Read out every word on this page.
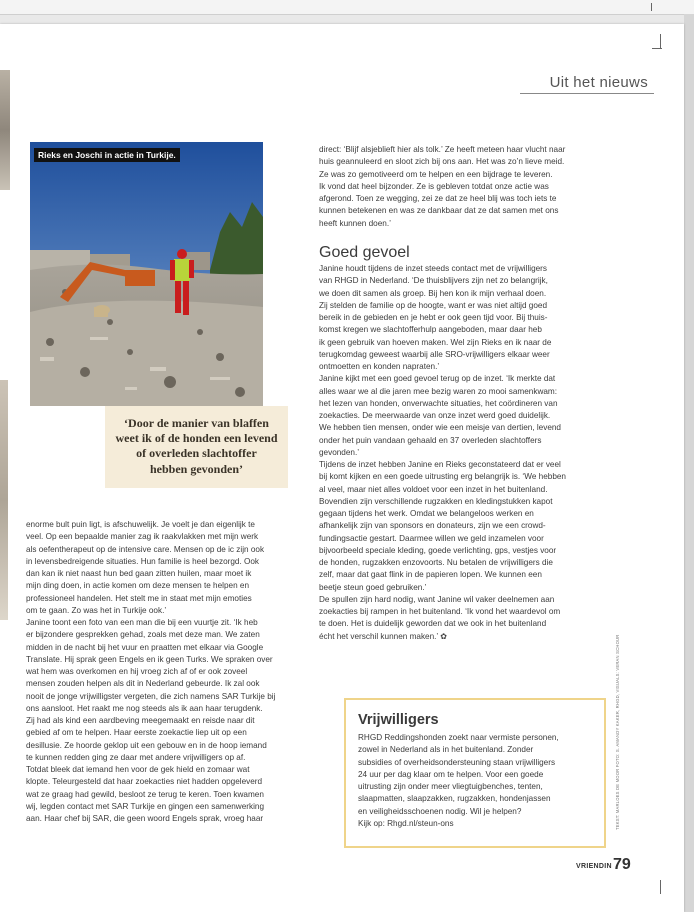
Uit het nieuws
Rieks en Joschi in actie in Turkije.
‘Door de manier van blaffen
weet ik of de honden een levend
of overleden slachtoffer
hebben gevonden’
direct: ‘Blijf alsjeblieft hier als tolk.’ Ze heeft meteen haar vlucht naar
huis geannuleerd en sloot zich bij ons aan. Het was zo’n lieve meid.
Ze was zo gemotiveerd om te helpen en een bijdrage te leveren.
Ik vond dat heel bijzonder. Ze is gebleven totdat onze actie was
afgerond. Toen ze wegging, zei ze dat ze heel blij was toch iets te
kunnen betekenen en was ze dankbaar dat ze dat samen met ons
heeft kunnen doen.’
Goed gevoel
Janine houdt tijdens de inzet steeds contact met de vrijwilligers
van RHGD in Nederland. ‘De thuisblijvers zijn net zo belangrijk,
we doen dit samen als groep. Bij hen kon ik mijn verhaal doen.
Zij stelden de familie op de hoogte, want er was niet altijd goed
bereik in de gebieden en je hebt er ook geen tijd voor. Bij thuis-
komst kregen we slachtofferhulp aangeboden, maar daar heb
ik geen gebruik van hoeven maken. Wel zijn Rieks en ik naar de
terugkomdag geweest waarbij alle SRO-vrijwilligers elkaar weer
ontmoetten en konden napraten.’
Janine kijkt met een goed gevoel terug op de inzet. ‘Ik merkte dat
alles waar we al die jaren mee bezig waren zo mooi samenkwam:
het lezen van honden, onverwachte situaties, het coördineren van
zoekacties. De meerwaarde van onze inzet werd goed duidelijk.
We hebben tien mensen, onder wie een meisje van dertien, levend
onder het puin vandaan gehaald en 37 overleden slachtoffers
gevonden.’
Tijdens de inzet hebben Janine en Rieks geconstateerd dat er veel
bij komt kijken en een goede uitrusting erg belangrijk is. ‘We hebben
al veel, maar niet alles voldoet voor een inzet in het buitenland.
Bovendien zijn verschillende rugzakken en kledingstukken kapot
gegaan tijdens het werk. Omdat we belangeloos werken en
afhankelijk zijn van sponsors en donateurs, zijn we een crowd-
fundingsactie gestart. Daarmee willen we geld inzamelen voor
bijvoorbeeld speciale kleding, goede verlichting, gps, vestjes voor
de honden, rugzakken enzovoorts. Nu betalen de vrijwilligers die
zelf, maar dat gaat flink in de papieren lopen. We kunnen een
beetje steun goed gebruiken.’
De spullen zijn hard nodig, want Janine wil vaker deelnemen aan
zoekacties bij rampen in het buitenland. ‘Ik vond het waardevol om
te doen. Het is duidelijk geworden dat we ook in het buitenland
écht het verschil kunnen maken.’ ✿
enorme bult puin ligt, is afschuwelijk. Je voelt je dan eigenlijk te
veel. Op een bepaalde manier zag ik raakvlakken met mijn werk
als oefentherapeut op de intensive care. Mensen op de ic zijn ook
in levensbedreigende situaties. Hun familie is heel bezorgd. Ook
dan kan ik niet naast hun bed gaan zitten huilen, maar moet ik
mijn ding doen, in actie komen om deze mensen te helpen en
professioneel handelen. Het stelt me in staat met mijn emoties
om te gaan. Zo was het in Turkije ook.’
Janine toont een foto van een man die bij een vuurtje zit. ‘Ik heb
er bijzondere gesprekken gehad, zoals met deze man. We zaten
midden in de nacht bij het vuur en praatten met elkaar via Google
Translate. Hij sprak geen Engels en ik geen Turks. We spraken over
wat hem was overkomen en hij vroeg zich af of er ook zoveel
mensen zouden helpen als dit in Nederland gebeurde. Ik zal ook
nooit de jonge vrijwilligster vergeten, die zich namens SAR Turkije bij
ons aansloot. Het raakt me nog steeds als ik aan haar terugdenk.
Zij had als kind een aardbeving meegemaakt en reisde naar dit
gebied af om te helpen. Haar eerste zoekactie liep uit op een
desillusie. Ze hoorde geklop uit een gebouw en in de hoop iemand
te kunnen redden ging ze daar met andere vrijwilligers op af.
Totdat bleek dat iemand hen voor de gek hield en zomaar wat
klopte. Teleurgesteld dat haar zoekacties niet hadden opgeleverd
wat ze graag had gewild, besloot ze terug te keren. Toen kwamen
wij, legden contact met SAR Turkije en gingen een samenwerking
aan. Haar chef bij SAR, die geen woord Engels sprak, vroeg haar
Vrijwilligers
RHGD Reddingshonden zoekt naar vermiste personen,
zowel in Nederland als in het buitenland. Zonder
subsidies of overheidsondersteuning staan vrijwilligers
24 uur per dag klaar om te helpen. Voor een goede
uitrusting zijn onder meer vliegtuigbenches, tenten,
slaapmatten, slaapzakken, rugzakken, hondenjassen
en veiligheidsschoenen nodig. Wil je helpen?
Kijk op: Rhgd.nl/steun-ons	TEKST: MARLOES DE MOOR FOTO: S. AMANDY KAKER, RHGD, VISUALS: VERAN SCHOUR
VRIENDIN 79
